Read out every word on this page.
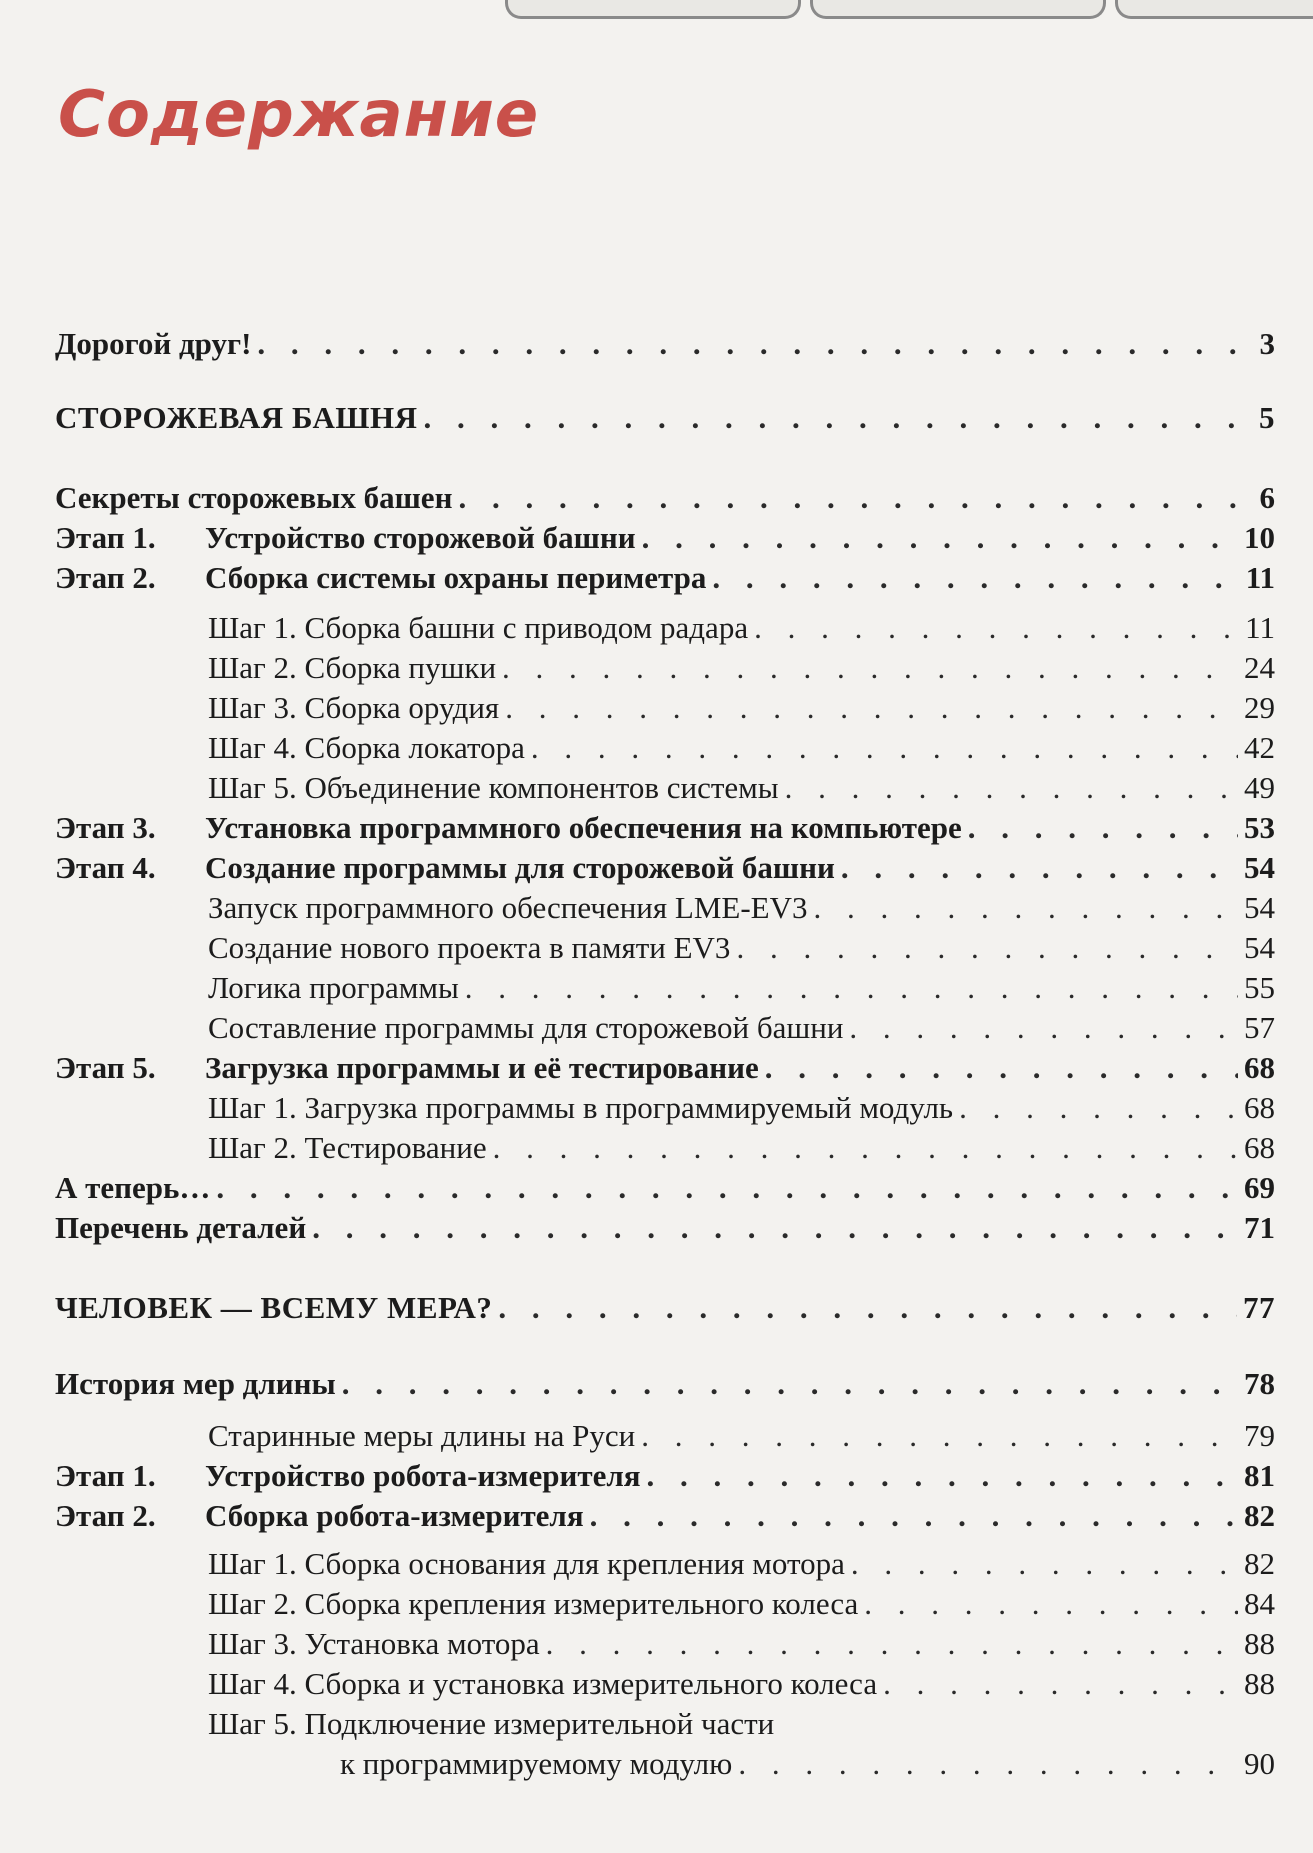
Содержание
Дорогой друг! . . .	3
СТОРОЖЕВАЯ БАШНЯ . . .	5
Секреты сторожевых башен . . .	6
Этап 1.	Устройство сторожевой башни . . .	10
Этап 2.	Сборка системы охраны периметра . . .	11
Шаг 1. Сборка башни с приводом радара . . .	11
Шаг 2. Сборка пушки . . .	24
Шаг 3. Сборка орудия . . .	29
Шаг 4. Сборка локатора . . .	42
Шаг 5. Объединение компонентов системы . . .	49
Этап 3.	Установка программного обеспечения на компьютере . . .	53
Этап 4.	Создание программы для сторожевой башни . . .	54
Запуск программного обеспечения LME-EV3 . . .	54
Создание нового проекта в памяти EV3 . . .	54
Логика программы . . .	55
Составление программы для сторожевой башни . . .	57
Этап 5.	Загрузка программы и её тестирование . . .	68
Шаг 1. Загрузка программы в программируемый модуль . . .	68
Шаг 2. Тестирование . . .	68
А теперь… . . .	69
Перечень деталей . . .	71
ЧЕЛОВЕК — ВСЕМУ МЕРА? . . .	77
История мер длины . . .	78
Старинные меры длины на Руси . . .	79
Этап 1.	Устройство робота-измерителя . . .	81
Этап 2.	Сборка робота-измерителя . . .	82
Шаг 1. Сборка основания для крепления мотора . . .	82
Шаг 2. Сборка крепления измерительного колеса . . .	84
Шаг 3. Установка мотора . . .	88
Шаг 4. Сборка и установка измерительного колеса . . .	88
Шаг 5. Подключение измерительной части
к программируемому модулю . . .	90
